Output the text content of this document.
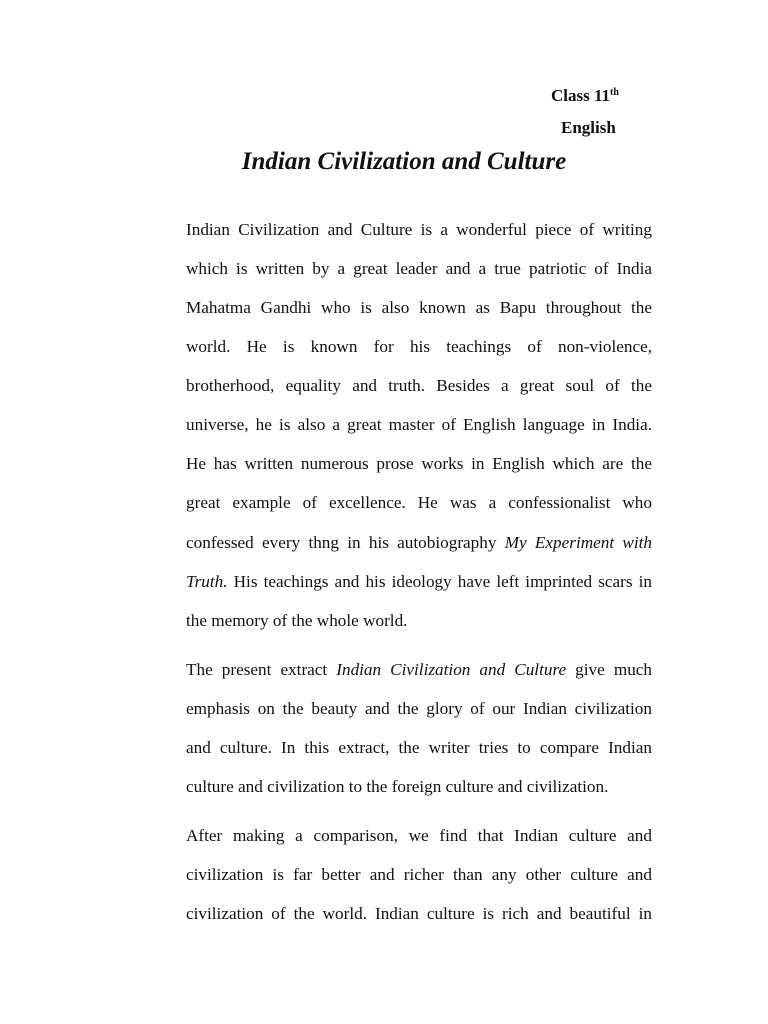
Class 11th
English
Indian Civilization and Culture
Indian Civilization and Culture is a wonderful piece of writing
which is written by a great leader and a true patriotic of India
Mahatma Gandhi who is also known as Bapu throughout the
world. He is known for his teachings of non-violence,
brotherhood, equality and truth. Besides a great soul of the
universe, he is also a great master of English language in India.
He has written numerous prose works in English which are the
great example of excellence. He was a confessionalist who
confessed every thng in his autobiography My Experiment with
Truth. His teachings and his ideology have left imprinted scars in
the memory of the whole world.
The present extract Indian Civilization and Culture give much
emphasis on the beauty and the glory of our Indian civilization
and culture. In this extract, the writer tries to compare Indian
culture and civilization to the foreign culture and civilization.
After making a comparison, we find that Indian culture and
civilization is far better and richer than any other culture and
civilization of the world. Indian culture is rich and beautiful in
